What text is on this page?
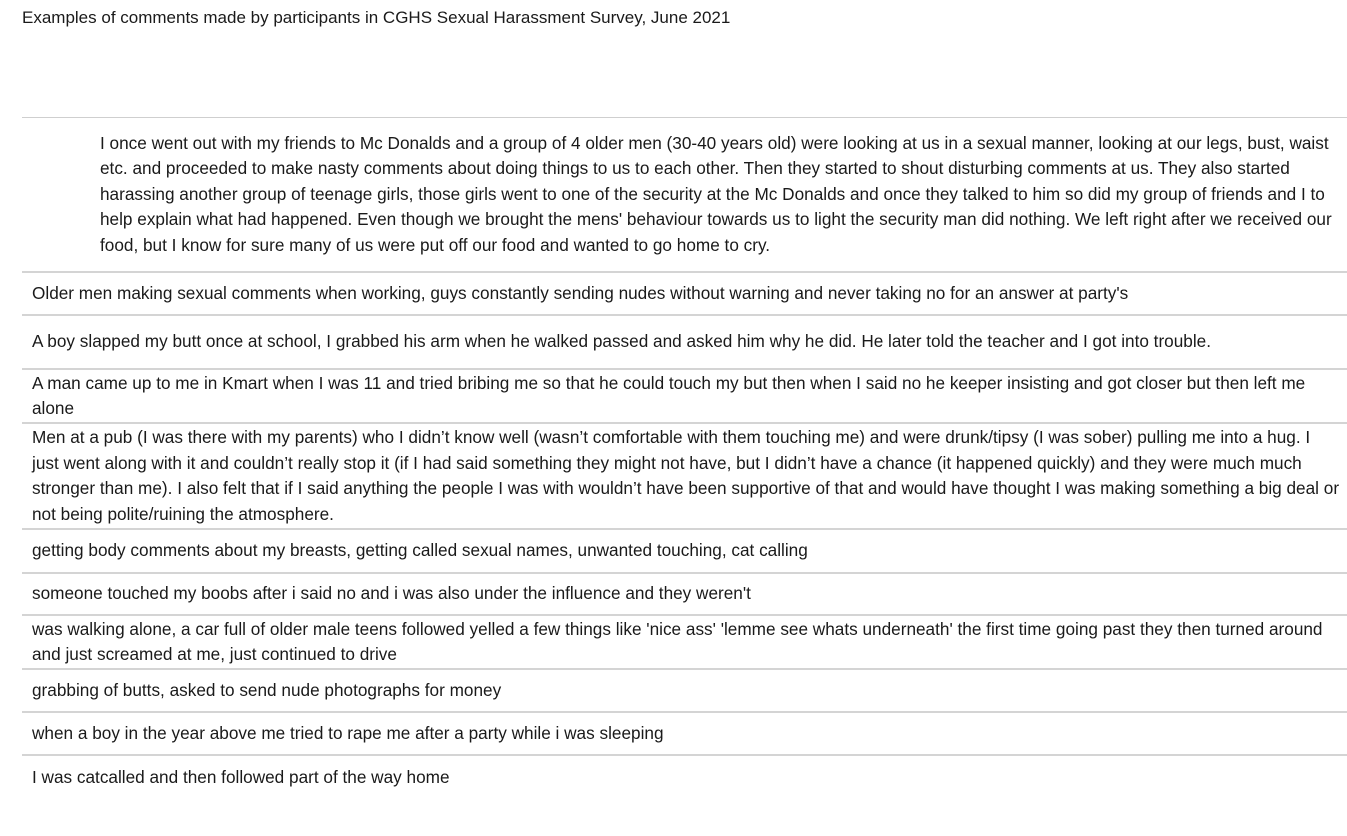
Examples of comments made by participants in CGHS Sexual Harassment Survey, June 2021
I once went out with my friends to Mc Donalds and a group of 4 older men (30-40 years old) were looking at us in a sexual manner, looking at our legs, bust, waist etc. and proceeded to make nasty comments about doing things to us to each other. Then they started to shout disturbing comments at us. They also started harassing another group of teenage girls, those girls went to one of the security at the Mc Donalds and once they talked to him so did my group of friends and I to help explain what had happened. Even though we brought the mens' behaviour towards us to light the security man did nothing. We left right after we received our food, but I know for sure many of us were put off our food and wanted to go home to cry.
Older men making sexual comments when working, guys constantly sending nudes without warning and never taking no for an answer at party's
A boy slapped my butt once at school, I grabbed his arm when he walked passed and asked him why he did. He later told the teacher and I got into trouble.
A man came up to me in Kmart when I was 11 and tried bribing me so that he could touch my but then when I said no he keeper insisting and got closer but then left me alone
Men at a pub (I was there with my parents) who I didn’t know well (wasn’t comfortable with them touching me) and were drunk/tipsy (I was sober) pulling me into a hug. I just went along with it and couldn’t really stop it (if I had said something they might not have, but I didn’t have a chance (it happened quickly) and they were much much stronger than me). I also felt that if I said anything the people I was with wouldn’t have been supportive of that and would have thought I was making something a big deal or not being polite/ruining the atmosphere.
getting body comments about my breasts, getting called sexual names, unwanted touching, cat calling
someone touched my boobs after i said no and i was also under the influence and they weren't
was walking alone, a car full of older male teens followed yelled a few things like 'nice ass' 'lemme see whats underneath' the first time going past they then turned around and just screamed at me, just continued to drive
grabbing of butts, asked to send nude photographs for money
when a boy in the year above me tried to rape me after a party while i was sleeping
I was catcalled and then followed part of the way home
